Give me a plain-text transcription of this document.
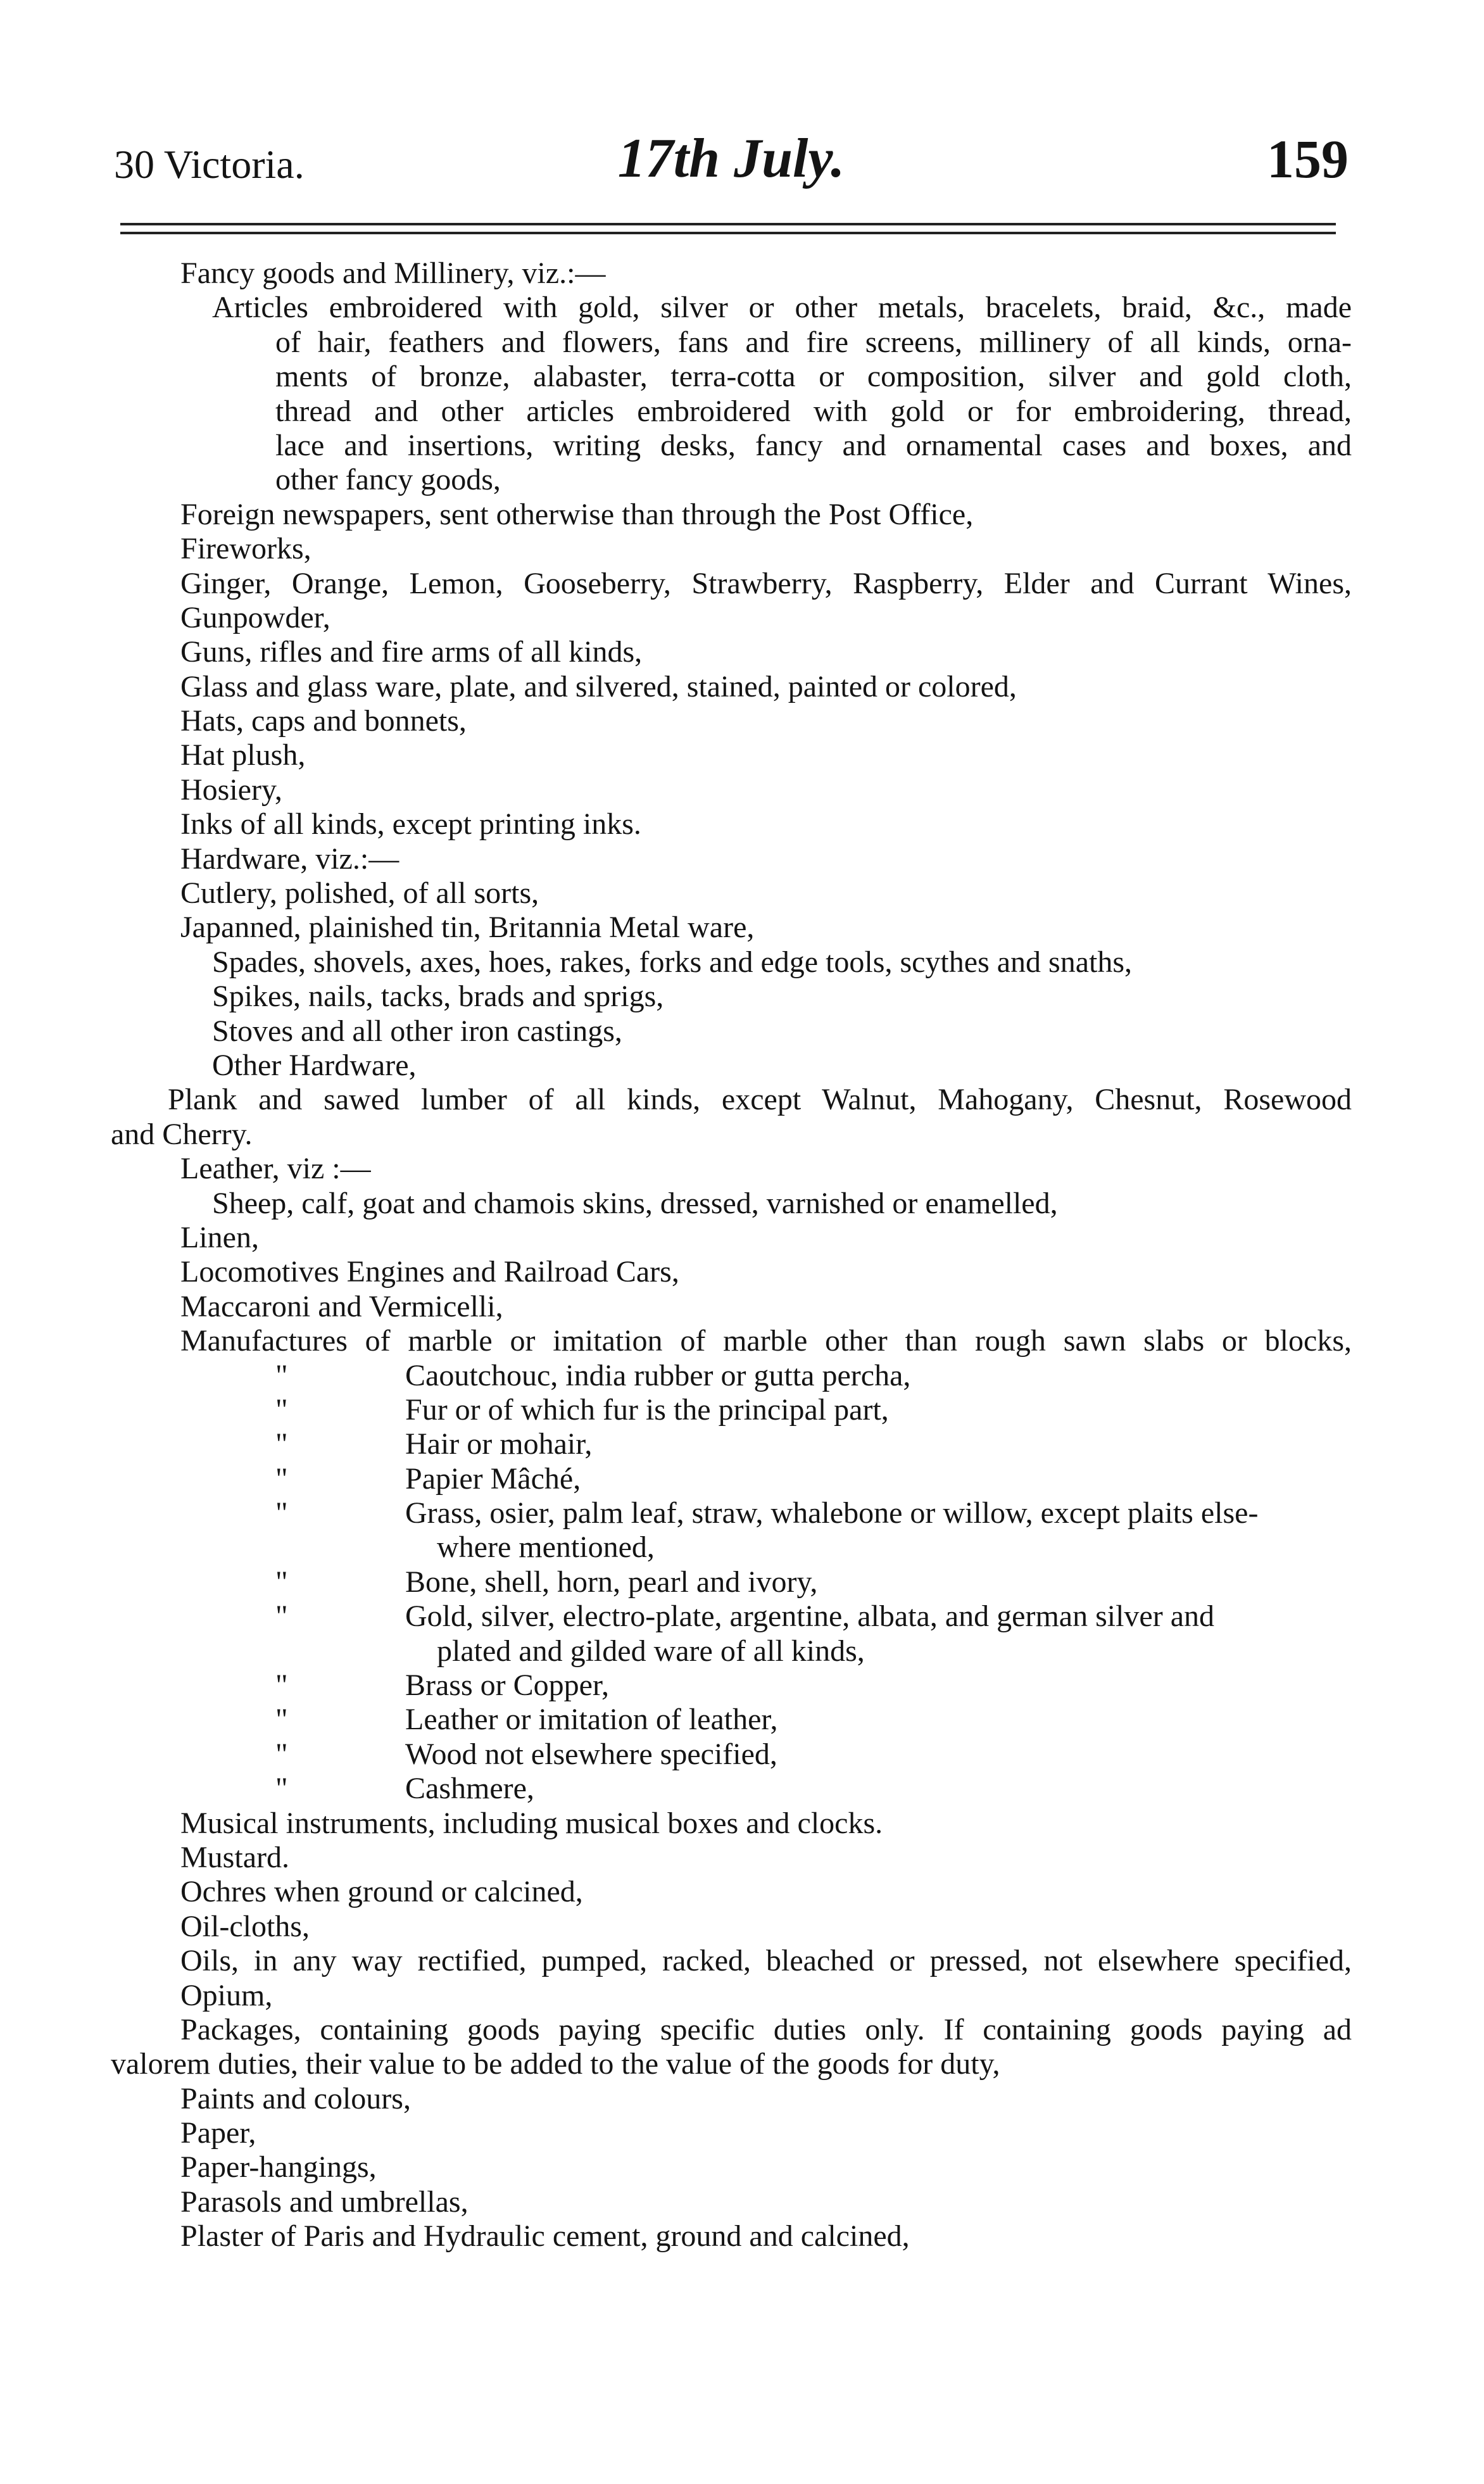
30 Victoria.	17th July.	159
Fancy goods and Millinery, viz.:—
Articles embroidered with gold, silver or other metals, bracelets, braid, &c., made
of hair, feathers and flowers, fans and fire screens, millinery of all kinds, orna-
ments of bronze, alabaster, terra-cotta or composition, silver and gold cloth,
thread and other articles embroidered with gold or for embroidering, thread,
lace and insertions, writing desks, fancy and ornamental cases and boxes, and
other fancy goods,
Foreign newspapers, sent otherwise than through the Post Office,
Fireworks,
Ginger, Orange, Lemon, Gooseberry, Strawberry, Raspberry, Elder and Currant Wines,
Gunpowder,
Guns, rifles and fire arms of all kinds,
Glass and glass ware, plate, and silvered, stained, painted or colored,
Hats, caps and bonnets,
Hat plush,
Hosiery,
Inks of all kinds, except printing inks.
Hardware, viz.:—
Cutlery, polished, of all sorts,
Japanned, plainished tin, Britannia Metal ware,
Spades, shovels, axes, hoes, rakes, forks and edge tools, scythes and snaths,
Spikes, nails, tacks, brads and sprigs,
Stoves and all other iron castings,
Other Hardware,
Plank and sawed lumber of all kinds, except Walnut, Mahogany, Chesnut, Rosewood
and Cherry.
Leather, viz :—
Sheep, calf, goat and chamois skins, dressed, varnished or enamelled,
Linen,
Locomotives Engines and Railroad Cars,
Maccaroni and Vermicelli,
Manufactures of marble or imitation of marble other than rough sawn slabs or blocks,
"	Caoutchouc, india rubber or gutta percha,
"	Fur or of which fur is the principal part,
"	Hair or mohair,
"	Papier Mâché,
"	Grass, osier, palm leaf, straw, whalebone or willow, except plaits else-
where mentioned,
"	Bone, shell, horn, pearl and ivory,
"	Gold, silver, electro-plate, argentine, albata, and german silver and
plated and gilded ware of all kinds,
"	Brass or Copper,
"	Leather or imitation of leather,
"	Wood not elsewhere specified,
"	Cashmere,
Musical instruments, including musical boxes and clocks.
Mustard.
Ochres when ground or calcined,
Oil-cloths,
Oils, in any way rectified, pumped, racked, bleached or pressed, not elsewhere specified,
Opium,
Packages, containing goods paying specific duties only. If containing goods paying ad
valorem duties, their value to be added to the value of the goods for duty,
Paints and colours,
Paper,
Paper-hangings,
Parasols and umbrellas,
Plaster of Paris and Hydraulic cement, ground and calcined,
